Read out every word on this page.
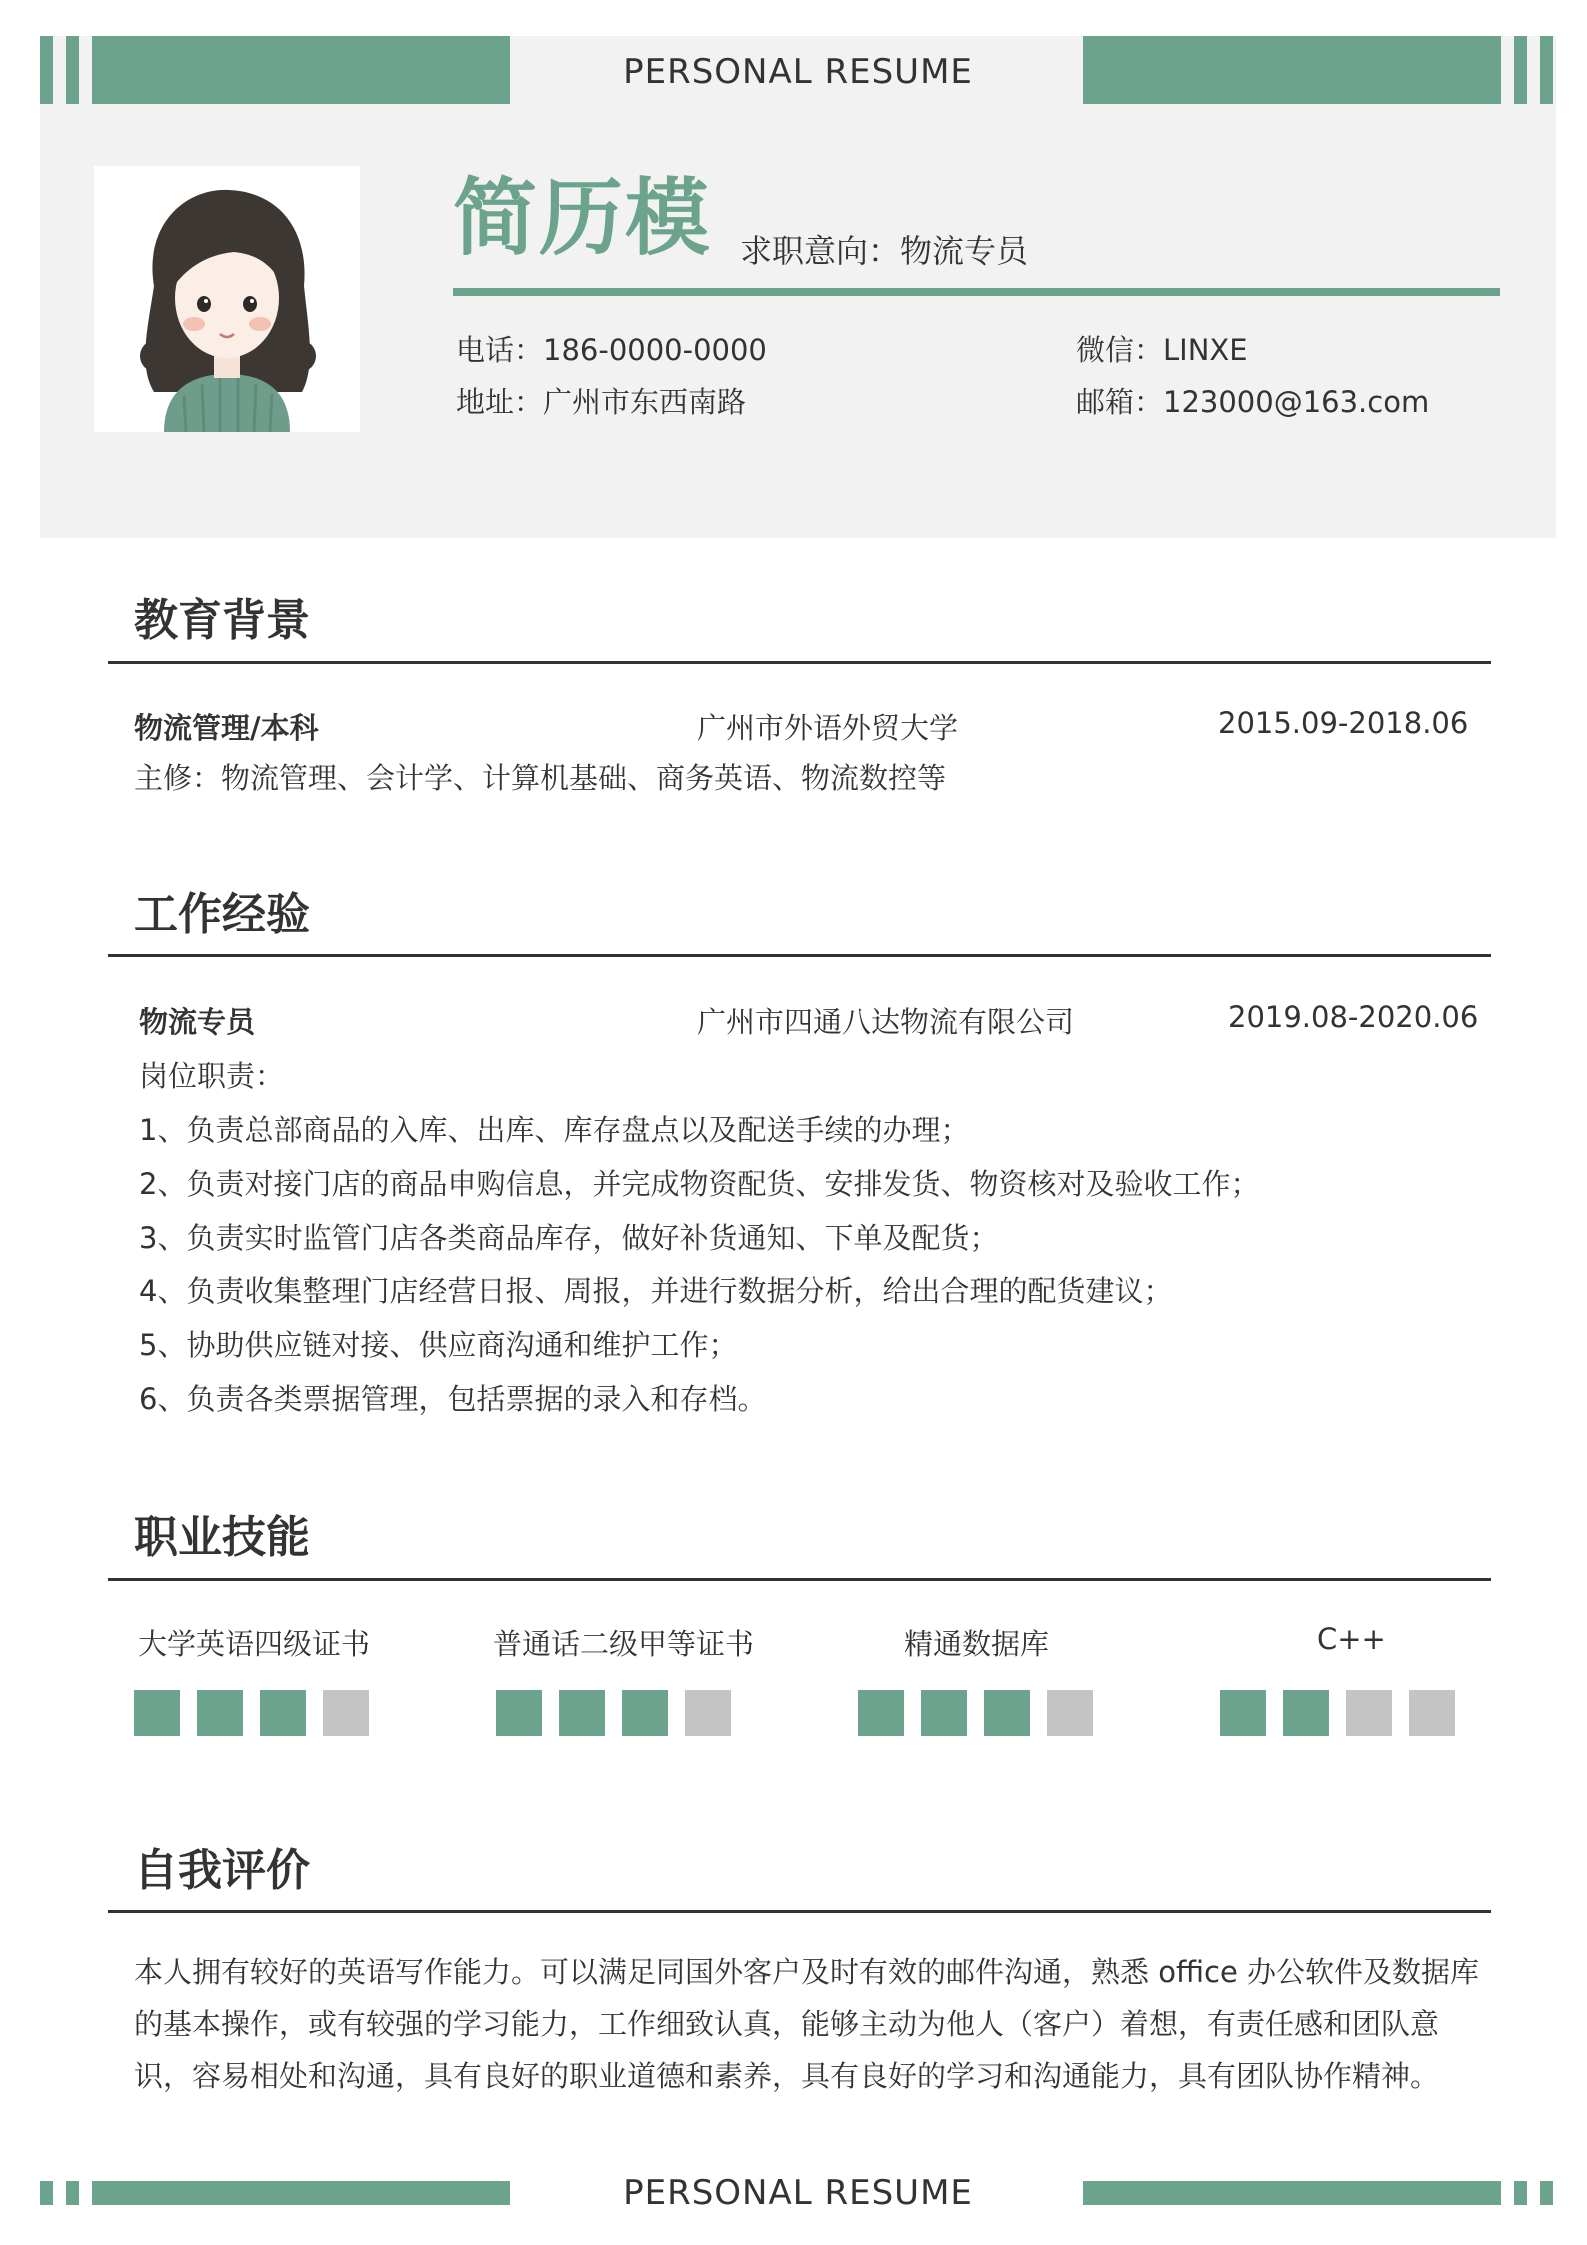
PERSONAL RESUME
简历模 求职意向：物流专员
电话：186-0000-0000
地址：广州市东西南路
微信：LINXE
邮箱：123000@163.com
教育背景
物流管理/本科	广州市外语外贸大学	2015.09-2018.06
主修：物流管理、会计学、计算机基础、商务英语、物流数控等
工作经验
物流专员	广州市四通八达物流有限公司	2019.08-2020.06
岗位职责：
1、负责总部商品的入库、出库、库存盘点以及配送手续的办理；
2、负责对接门店的商品申购信息，并完成物资配货、安排发货、物资核对及验收工作；
3、负责实时监管门店各类商品库存，做好补货通知、下单及配货；
4、负责收集整理门店经营日报、周报，并进行数据分析，给出合理的配货建议；
5、协助供应链对接、供应商沟通和维护工作；
6、负责各类票据管理，包括票据的录入和存档。
职业技能
大学英语四级证书	普通话二级甲等证书	精通数据库	C++
自我评价
本人拥有较好的英语写作能力。可以满足同国外客户及时有效的邮件沟通，熟悉 office 办公软件及数据库的基本操作，或有较强的学习能力，工作细致认真，能够主动为他人（客户）着想，有责任感和团队意识，容易相处和沟通，具有良好的职业道德和素养，具有良好的学习和沟通能力，具有团队协作精神。
PERSONAL RESUME
